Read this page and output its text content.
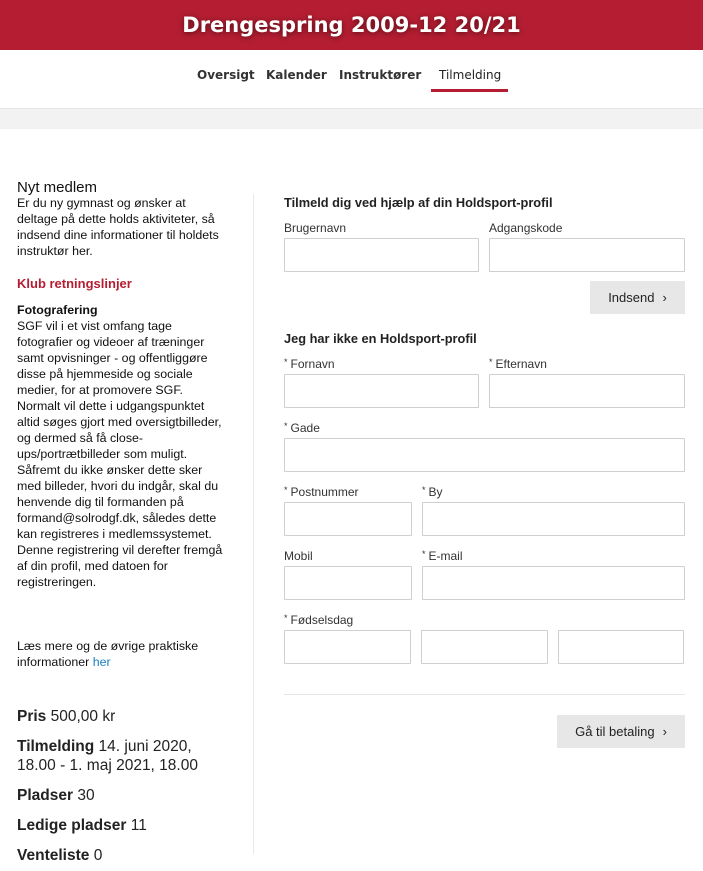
Drengespring 2009-12 20/21
Oversigt Kalender Instruktører Tilmelding
Nyt medlem
Er du ny gymnast og ønsker at deltage på dette holds aktiviteter, så indsend dine informationer til holdets instruktør her.
Klub retningslinjer
Fotografering
SGF vil i et vist omfang tage fotografier og videoer af træninger samt opvisninger - og offentliggøre disse på hjemmeside og sociale medier, for at promovere SGF. Normalt vil dette i udgangspunktet altid søges gjort med oversigtbilleder, og dermed så få close-ups/portrætbilleder som muligt.
Såfremt du ikke ønsker dette sker med billeder, hvori du indgår, skal du henvende dig til formanden på formand@solrodgf.dk, således dette kan registreres i medlemssystemet. Denne registrering vil derefter fremgå af din profil, med datoen for registreringen.
Læs mere og de øvrige praktiske informationer her
Pris 500,00 kr
Tilmelding 14. juni 2020,
18.00 - 1. maj 2021, 18.00
Pladser 30
Ledige pladser 11
Venteliste 0
Tilmeld dig ved hjælp af din Holdsport-profil
Brugernavn	Adgangskode
Indsend ›
Jeg har ikke en Holdsport-profil
* Fornavn	* Efternavn
* Gade
* Postnummer	* By
Mobil	* E-mail
* Fødselsdag
Gå til betaling ›
